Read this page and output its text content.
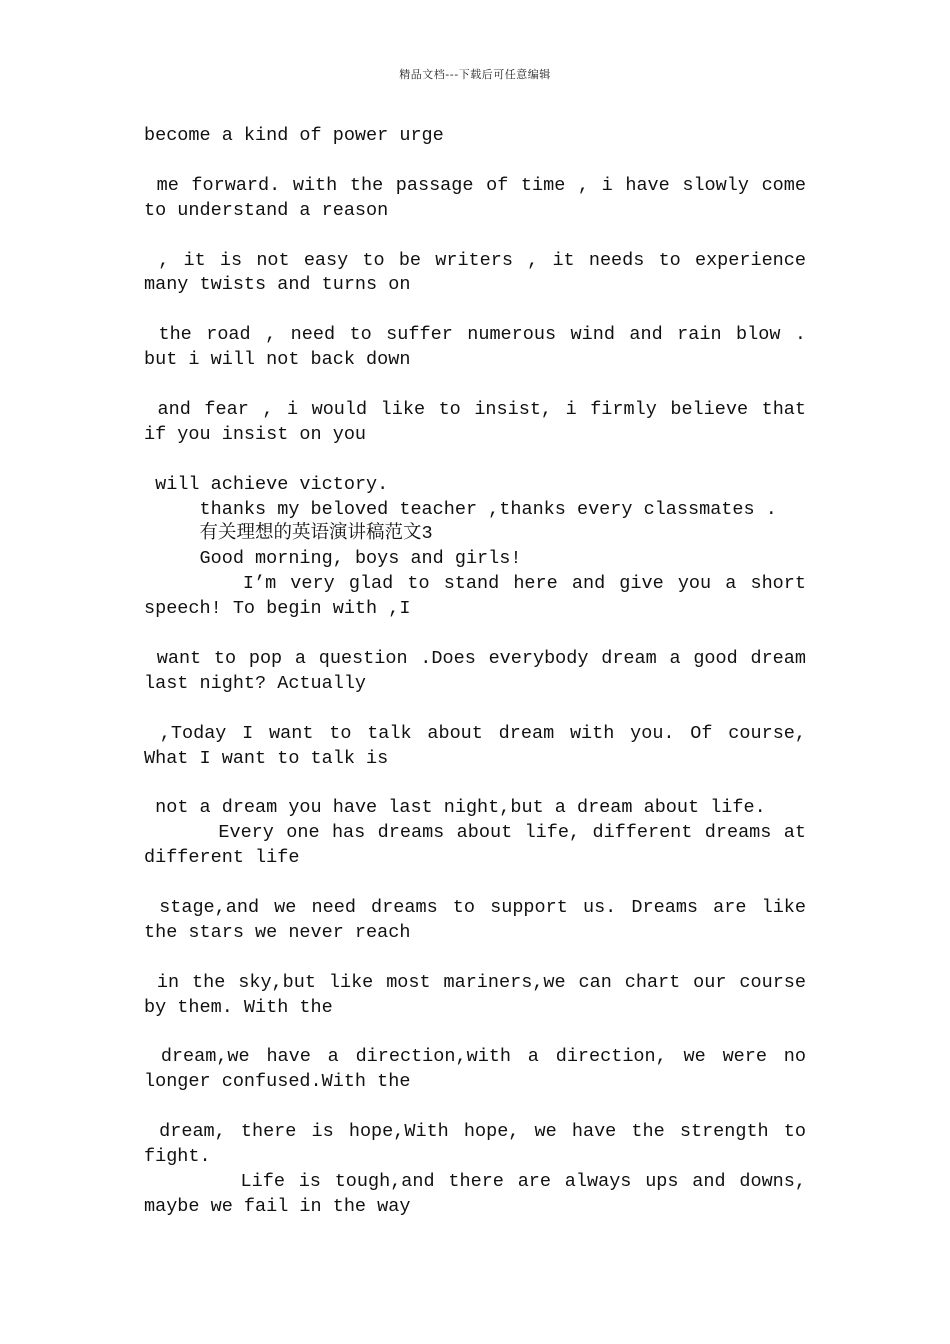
精品文档---下载后可任意编辑

become a kind of power urge

me forward. with the passage of time , i have slowly come to understand a reason

, it is not easy to be writers , it needs to experience many twists and turns on

the road , need to suffer numerous wind and rain blow . but i will not back down

and fear , i would like to insist, i firmly believe that if you insist on you

will achieve victory.

thanks my beloved teacher ,thanks every classmates .

有关理想的英语演讲稿范文3

Good morning, boys and girls!

I’m very glad to stand here and give you a short speech! To begin with ,I

want to pop a question .Does everybody dream a good dream last night? Actually

,Today I want to talk about dream with you. Of course, What I want to talk is

not a dream you have last night,but a dream about life.

Every one has dreams about life, different dreams at different life

stage,and we need dreams to support us. Dreams are like the stars we never reach

in the sky,but like most mariners,we can chart our course by them. With the

dream,we have a direction,with a direction, we were no longer confused.With the

dream, there is hope,With hope, we have the strength to fight.

Life is tough,and there are always ups and downs, maybe we fail in the way
